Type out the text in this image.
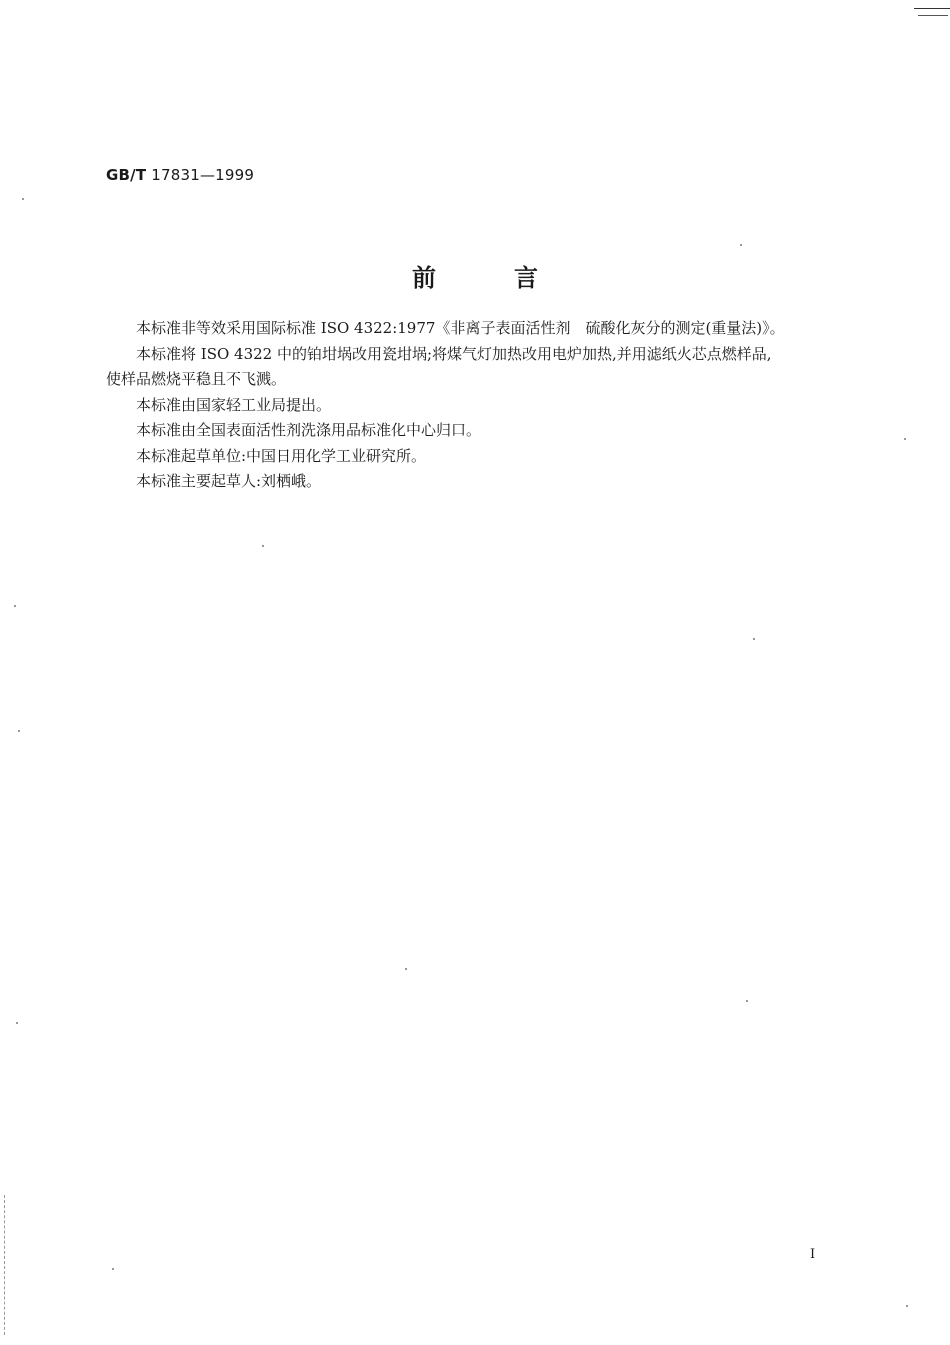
GB/T 17831—1999
前	言

本标准非等效采用国际标准 ISO 4322:1977《非离子表面活性剂　硫酸化灰分的测定(重量法)》。

本标准将 ISO 4322 中的铂坩埚改用瓷坩埚;将煤气灯加热改用电炉加热,并用滤纸火芯点燃样品,
使样品燃烧平稳且不飞溅。

本标准由国家轻工业局提出。

本标准由全国表面活性剂洗涤用品标准化中心归口。

本标准起草单位:中国日用化学工业研究所。

本标准主要起草人:刘栖峨。

I
